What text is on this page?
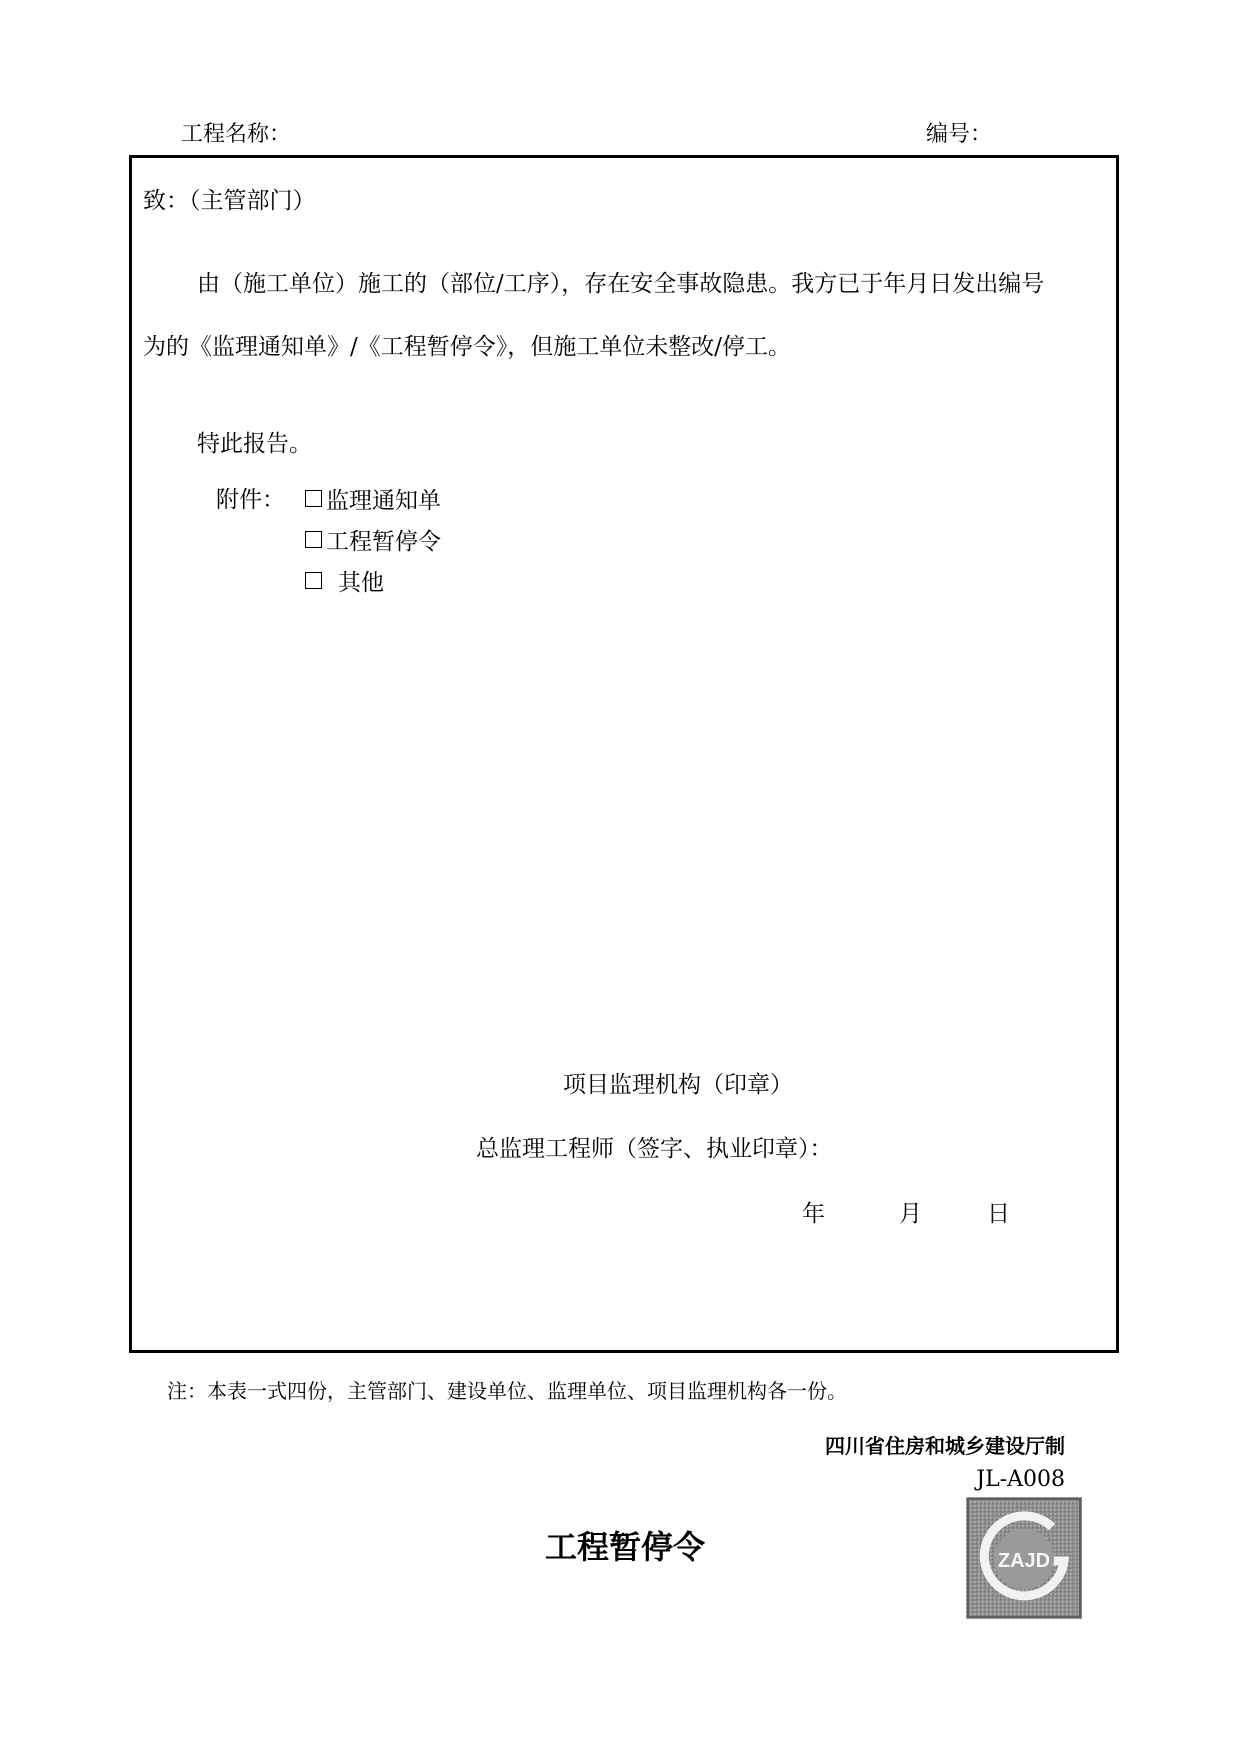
工程名称：	编号：
致：（主管部门）
由（施工单位）施工的（部位/工序），存在安全事故隐患。我方已于年月日发出编号
为的《监理通知单》/《工程暂停令》，但施工单位未整改/停工。
特此报告。
附件： 监理通知单
工程暂停令
其他
项目监理机构（印章）
总监理工程师（签字、执业印章）：
年	月	日
注：本表一式四份，主管部门、建设单位、监理单位、项目监理机构各一份。
四川省住房和城乡建设厅制
JL-A008
工程暂停令	ZAJD
